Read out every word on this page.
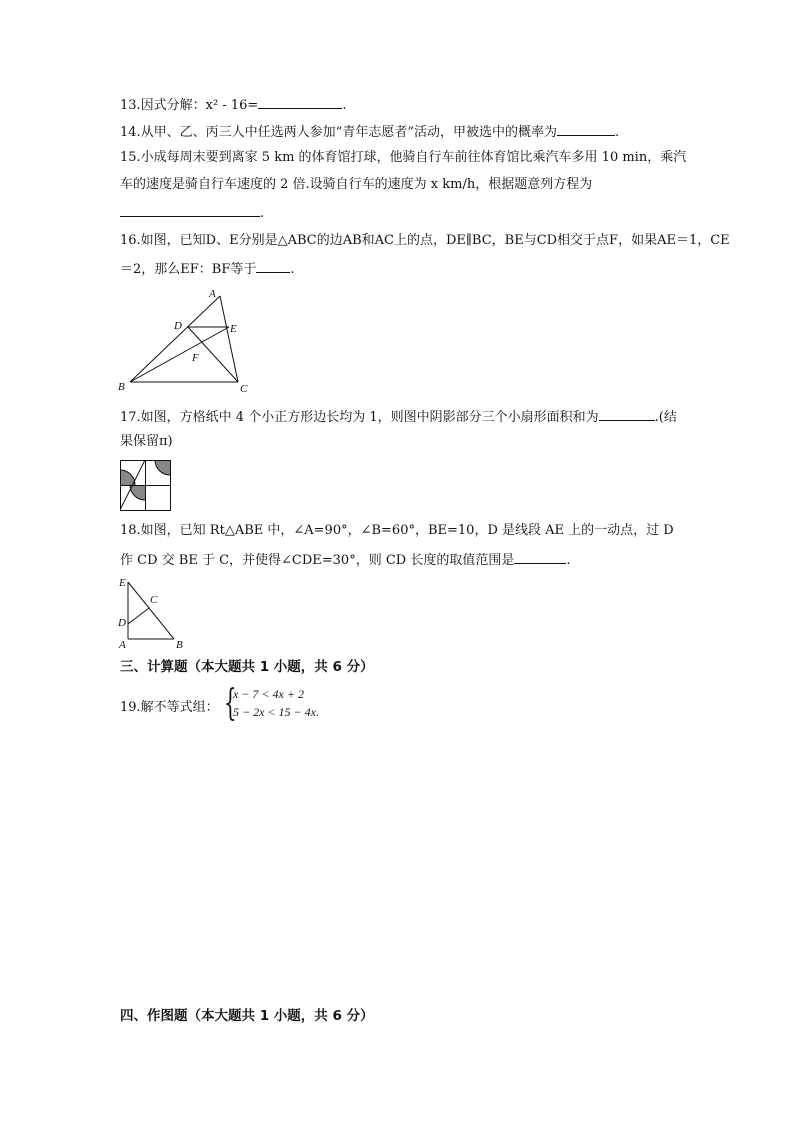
13.因式分解：x² - 16=	.
14.从甲、乙、丙三人中任选两人参加“青年志愿者”活动，甲被选中的概率为	.
15.小成每周末要到离家 5 km 的体育馆打球，他骑自行车前往体育馆比乘汽车多用 10 min，乘汽
车的速度是骑自行车速度的 2 倍.设骑自行车的速度为 x km/h，根据题意列方程为
.
16.如图，已知D、E分别是△ABC的边AB和AC上的点，DE∥BC，BE与CD相交于点F，如果AE＝1，CE
＝2，那么EF：BF等于	.
A
B	C
D	E
F
17.如图，方格纸中 4 个小正方形边长均为 1，则图中阴影部分三个小扇形面积和为	.(结
果保留π)
18.如图，已知 Rt△ABE 中，∠A=90°，∠B=60°，BE=10，D 是线段 AE 上的一动点，过 D
作 CD 交 BE 于 C，并使得∠CDE=30°，则 CD 长度的取值范围是	.
E
C
D
A	B
三、计算题（本大题共 1 小题，共 6 分）
19.解不等式组： {
x − 7 < 4x + 2
5 − 2x < 15 − 4x.
四、作图题（本大题共 1 小题，共 6 分）
